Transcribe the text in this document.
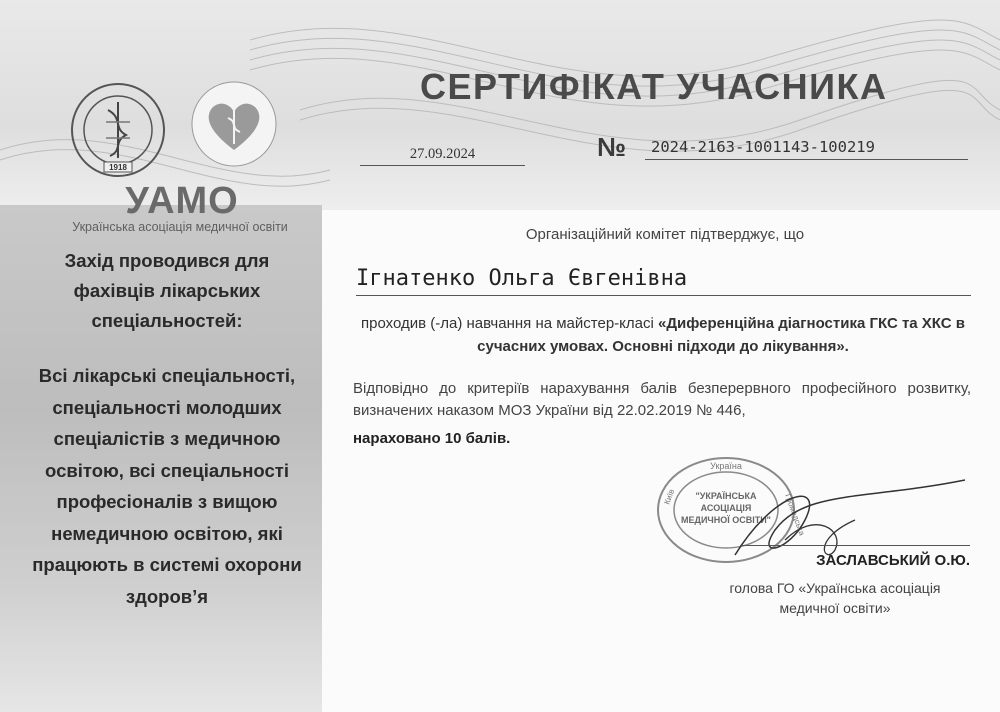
1918
УАМО
Українська асоціація медичної освіти
Захід проводився для фахівців лікарських спеціальностей:
Всі лікарські спеціальності, спеціальності молодших спеціалістів з медичною освітою, всі спеціальності професіоналів з вищою немедичною освітою, які працюють в системі охорони здоров’я
СЕРТИФІКАТ УЧАСНИКА
27.09.2024	№	2024-2163-1001143-100219
Організаційний комітет підтверджує, що
Ігнатенко Ольга Євгенівна
проходив (-ла) навчання на майстер-класі «Диференційна діагностика ГКС та ХКС в сучасних умовах. Основні підходи до лікування».
Відповідно до критеріїв нарахування балів безперервного професійного розвитку, визначених наказом МОЗ України від 22.02.2019 № 446,
нараховано 10 балів.
Україна
Київ	Громадська
"УКРАЇНСЬКА
АСОЦІАЦІЯ
МЕДИЧНОЇ ОСВІТИ"
ЗАСЛАВСЬКИЙ О.Ю.
голова ГО «Українська асоціація медичної освіти»
